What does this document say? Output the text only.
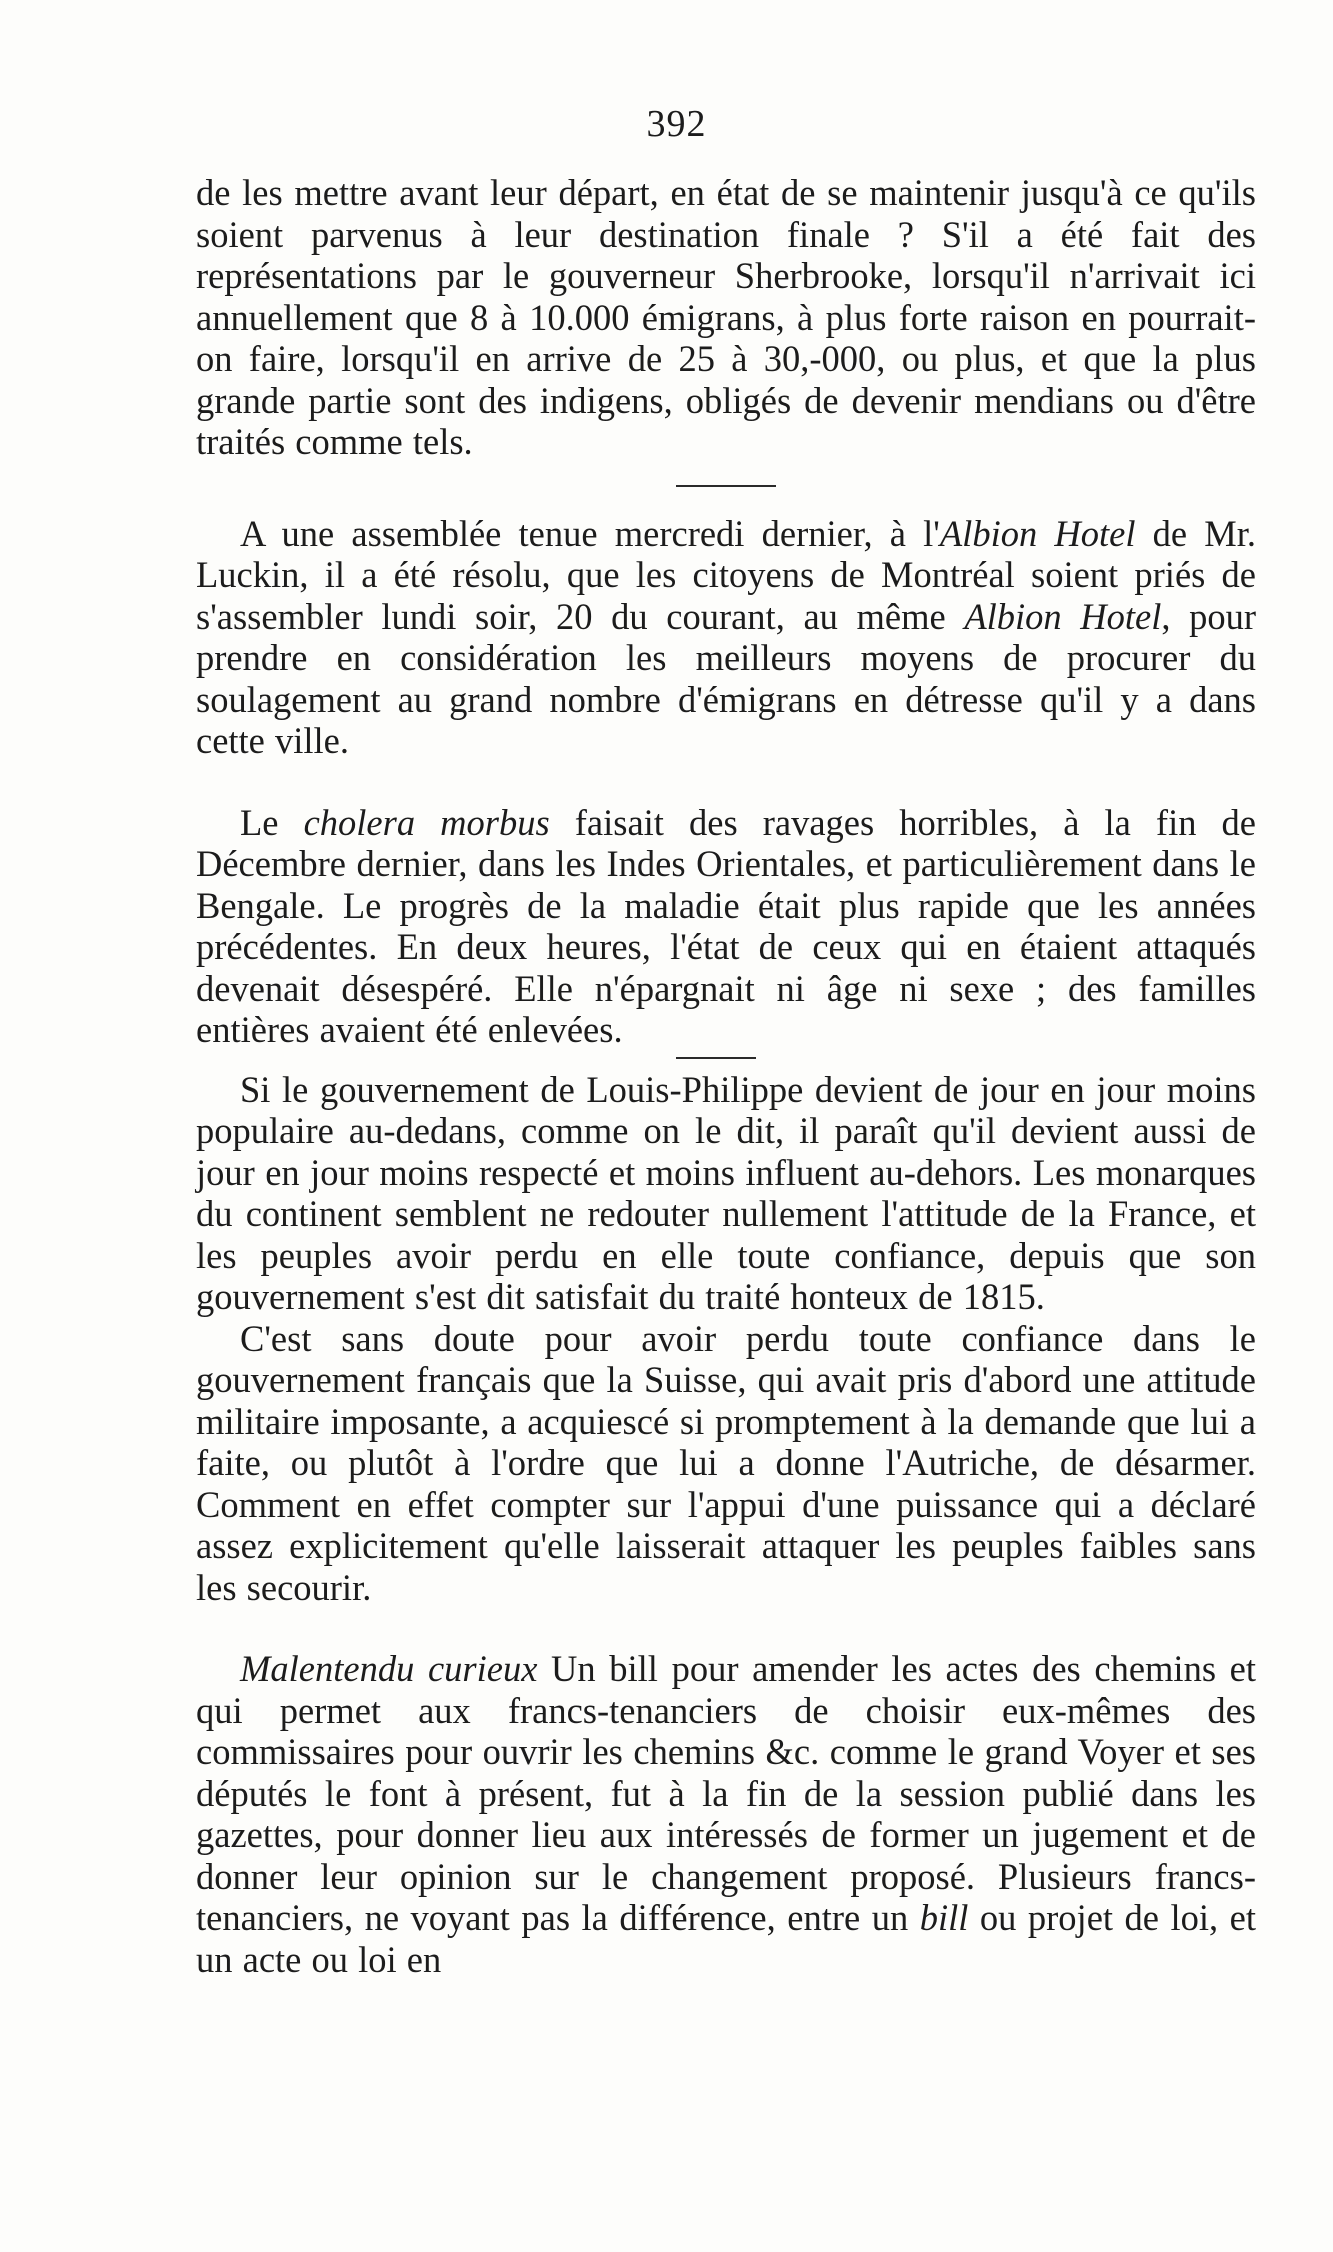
392

de les mettre avant leur départ, en état de se maintenir jusqu'à ce qu'ils soient parvenus à leur destination finale ? S'il a été fait des représentations par le gouverneur Sherbrooke, lorsqu'il n'arrivait ici annuellement que 8 à 10.000 émigrans, à plus forte raison en pourrait-on faire, lorsqu'il en arrive de 25 à 30,-000, ou plus, et que la plus grande partie sont des indigens, obligés de devenir mendians ou d'être traités comme tels.

A une assemblée tenue mercredi dernier, à l'Albion Hotel de Mr. Luckin, il a été résolu, que les citoyens de Montréal soient priés de s'assembler lundi soir, 20 du courant, au même Albion Hotel, pour prendre en considération les meilleurs moyens de procurer du soulagement au grand nombre d'émigrans en détresse qu'il y a dans cette ville.

Le cholera morbus faisait des ravages horribles, à la fin de Décembre dernier, dans les Indes Orientales, et particulièrement dans le Bengale. Le progrès de la maladie était plus rapide que les années précédentes. En deux heures, l'état de ceux qui en étaient attaqués devenait désespéré. Elle n'épargnait ni âge ni sexe ; des familles entières avaient été enlevées.

Si le gouvernement de Louis-Philippe devient de jour en jour moins populaire au-dedans, comme on le dit, il paraît qu'il devient aussi de jour en jour moins respecté et moins influent au-dehors. Les monarques du continent semblent ne redouter nullement l'attitude de la France, et les peuples avoir perdu en elle toute confiance, depuis que son gouvernement s'est dit satisfait du traité honteux de 1815.

C'est sans doute pour avoir perdu toute confiance dans le gouvernement français que la Suisse, qui avait pris d'abord une attitude militaire imposante, a acquiescé si promptement à la demande que lui a faite, ou plutôt à l'ordre que lui a donne l'Autriche, de désarmer. Comment en effet compter sur l'appui d'une puissance qui a déclaré assez explicitement qu'elle laisserait attaquer les peuples faibles sans les secourir.

Malentendu curieux Un bill pour amender les actes des chemins et qui permet aux francs-tenanciers de choisir eux-mêmes des commissaires pour ouvrir les chemins &c. comme le grand Voyer et ses députés le font à présent, fut à la fin de la session publié dans les gazettes, pour donner lieu aux intéressés de former un jugement et de donner leur opinion sur le changement proposé. Plusieurs francs-tenanciers, ne voyant pas la différence, entre un bill ou projet de loi, et un acte ou loi en
